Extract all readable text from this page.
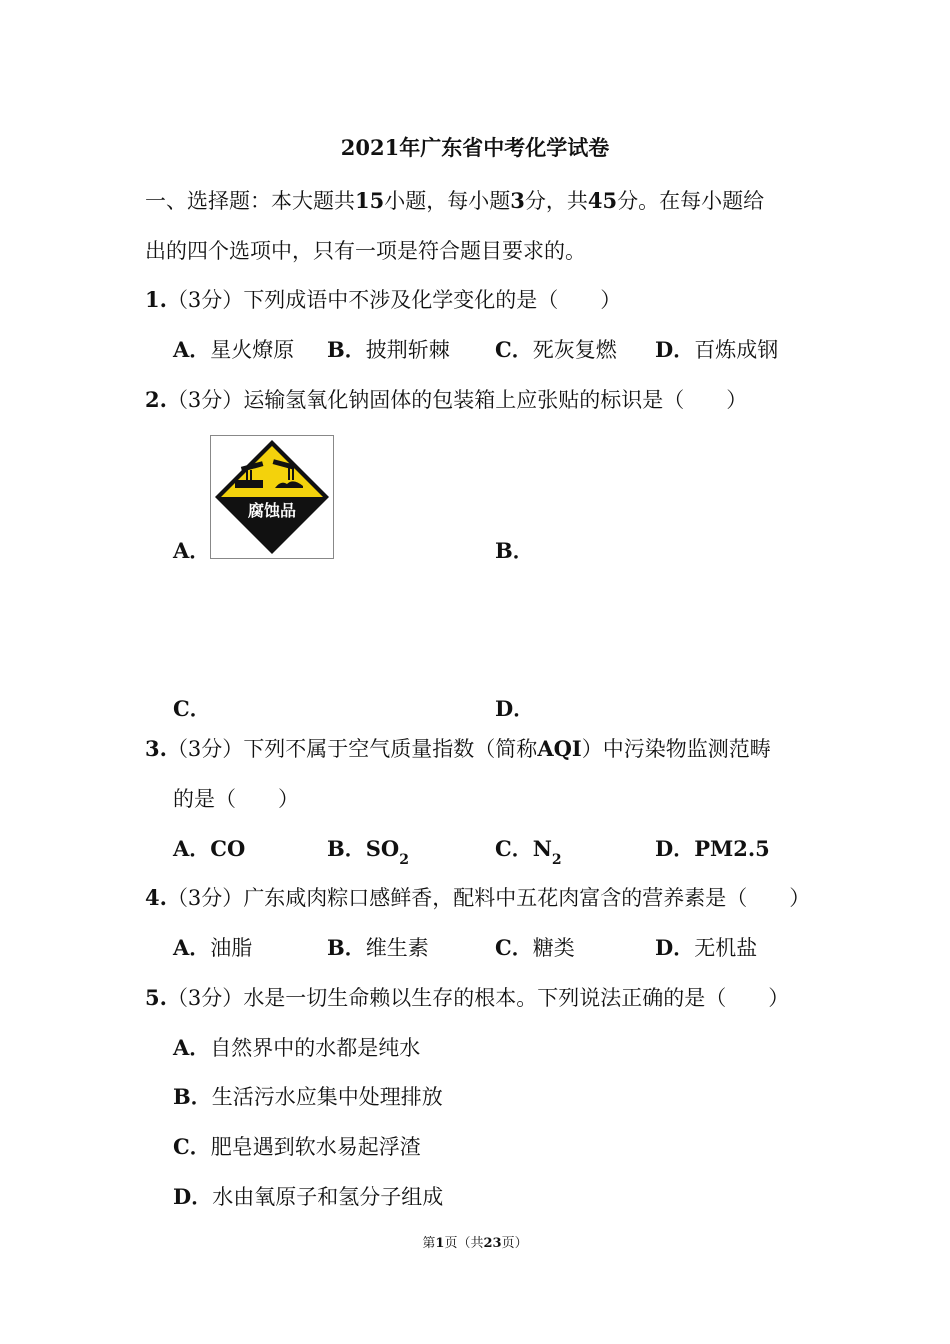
2021年广东省中考化学试卷
一、选择题：本大题共15小题，每小题3分，共45分。在每小题给
出的四个选项中，只有一项是符合题目要求的。
1.（3分）下列成语中不涉及化学变化的是（　　）
A．星火燎原 B．披荆斩棘 C．死灰复燃 D．百炼成钢
2.（3分）运输氢氧化钠固体的包装箱上应张贴的标识是（　　）
A．
腐蚀品
B．
C．	D．
3.（3分）下列不属于空气质量指数（简称AQI）中污染物监测范畴
的是（　　）
A．CO	B．$SO_2$	C．$N_2$	D．PM2.5
4.（3分）广东咸肉粽口感鲜香，配料中五花肉富含的营养素是（　　）
A．油脂	B．维生素	C．糖类	D．无机盐
5.（3分）水是一切生命赖以生存的根本。下列说法正确的是（　　）
A．自然界中的水都是纯水
B．生活污水应集中处理排放
C．肥皂遇到软水易起浮渣
D．水由氧原子和氢分子组成
第1页（共23页）
